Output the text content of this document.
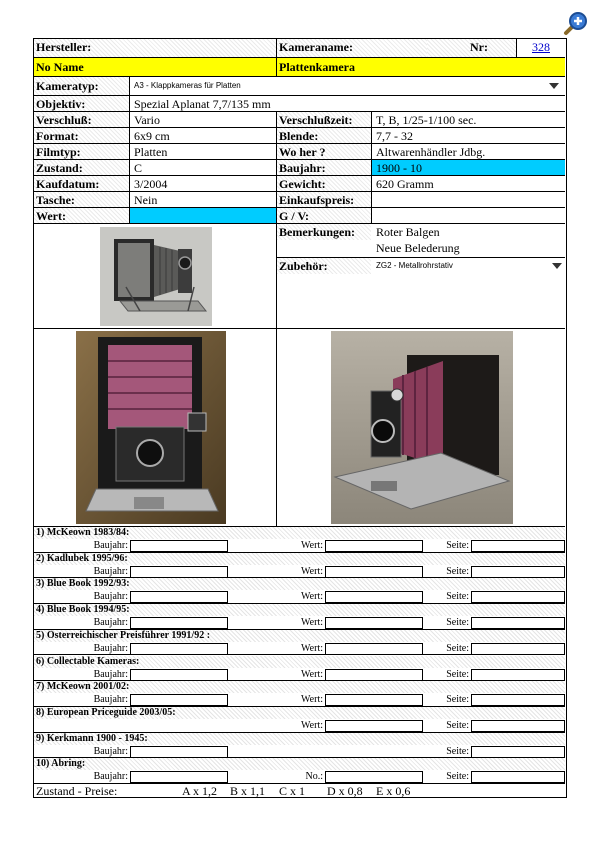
Hersteller:	Kameraname:	Nr:	328
No Name	Plattenkamera
Kameratyp:	A3 - Klappkameras für Platten
Objektiv:	Spezial Aplanat 7,7/135 mm
Verschluß:	Vario	Verschlußzeit:	T, B, 1/25-1/100 sec.
Format:	6x9 cm	Blende:	7,7 - 32
Filmtyp:	Platten	Wo her ?	Altwarenhändler Jdbg.
Zustand:	C	Baujahr:	1900 - 10
Kaufdatum:	3/2004	Gewicht:	620 Gramm
Tasche:	Nein	Einkaufspreis:
Wert:	G / V:
Bemerkungen:	Roter Balgen
Neue Belederung
Zubehör:	ZG2 - Metallrohrstativ
1) McKeown 1983/84:
Baujahr:	Wert:	Seite:
2) Kadlubek 1995/96:
Baujahr:	Wert:	Seite:
3) Blue Book 1992/93:
Baujahr:	Wert:	Seite:
4) Blue Book 1994/95:
Baujahr:	Wert:	Seite:
5) Österreichischer Preisführer 1991/92 :
Baujahr:	Wert:	Seite:
6) Collectable Kameras:
Baujahr:	Wert:	Seite:
7) McKeown 2001/02:
Baujahr:	Wert:	Seite:
8) European Priceguide 2003/05:
Wert:	Seite:
9) Kerkmann 1900 - 1945:
Baujahr:	Seite:
10) Abring:
Baujahr:	No.:	Seite:
Zustand - Preise:	A x 1,2 B x 1,1 C x 1 D x 0,8 E x 0,6
